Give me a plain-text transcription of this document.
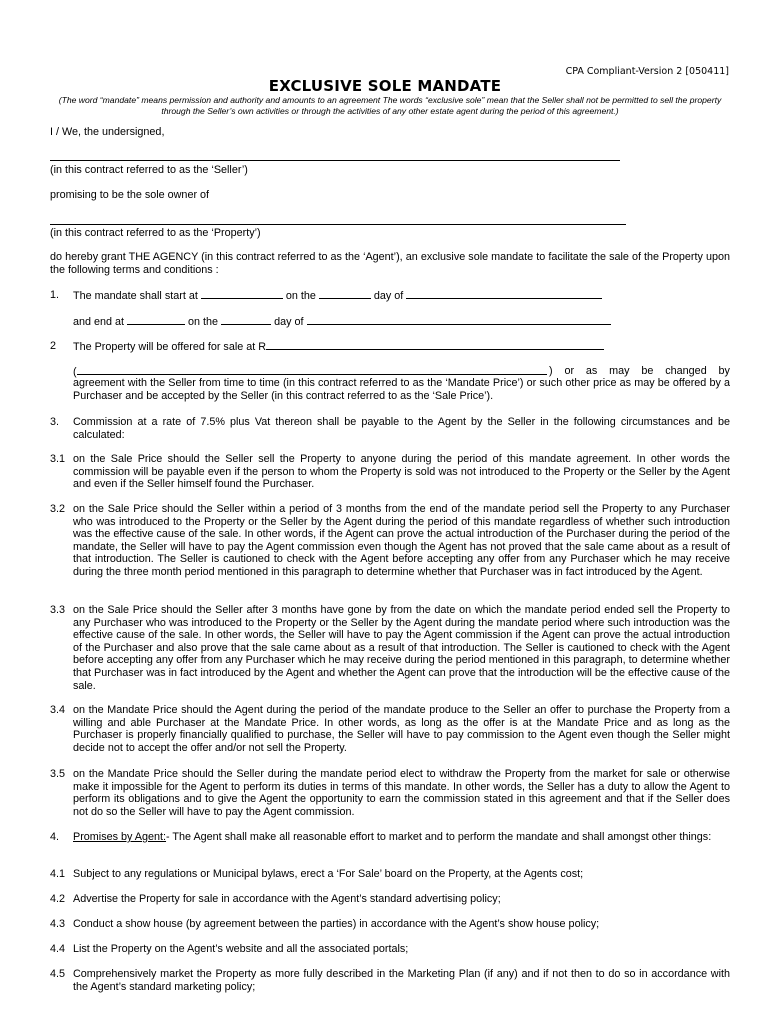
CPA Compliant-Version 2 [050411]
EXCLUSIVE SOLE MANDATE
(The word “mandate” means permission and authority and amounts to an agreement The words “exclusive sole” mean that the Seller shall not be permitted to sell the property through the Seller’s own activities or through the activities of any other estate agent during the period of this agreement.)
I / We, the undersigned,
(in this contract referred to as the ‘Seller’)
promising to be the sole owner of
(in this contract referred to as the ‘Property’)
do hereby grant THE AGENCY (in this contract referred to as the ‘Agent’), an exclusive sole mandate to facilitate the sale of the Property upon the following terms and conditions :
1. The mandate shall start at	on the	day of
and end at	on the	day of
2 The Property will be offered for sale at R
(	) or as may be changed by
agreement with the Seller from time to time (in this contract referred to as the ‘Mandate Price’) or such other price as may be offered by a Purchaser and be accepted by the Seller (in this contract referred to as the ‘Sale Price’).
3. Commission at a rate of 7.5% plus Vat thereon shall be payable to the Agent by the Seller in the following circumstances and be calculated:
3.1 on the Sale Price should the Seller sell the Property to anyone during the period of this mandate agreement. In other words the commission will be payable even if the person to whom the Property is sold was not introduced to the Property or the Seller by the Agent and even if the Seller himself found the Purchaser.
3.2 on the Sale Price should the Seller within a period of 3 months from the end of the mandate period sell the Property to any Purchaser who was introduced to the Property or the Seller by the Agent during the period of this mandate regardless of whether such introduction was the effective cause of the sale. In other words, if the Agent can prove the actual introduction of the Purchaser during the period of the mandate, the Seller will have to pay the Agent commission even though the Agent has not proved that the sale came about as a result of that introduction. The Seller is cautioned to check with the Agent before accepting any offer from any Purchaser which he may receive during the three month period mentioned in this paragraph to determine whether that Purchaser was in fact introduced by the Agent.
3.3 on the Sale Price should the Seller after 3 months have gone by from the date on which the mandate period ended sell the Property to any Purchaser who was introduced to the Property or the Seller by the Agent during the mandate period where such introduction was the effective cause of the sale. In other words, the Seller will have to pay the Agent commission if the Agent can prove the actual introduction of the Purchaser and also prove that the sale came about as a result of that introduction. The Seller is cautioned to check with the Agent before accepting any offer from any Purchaser which he may receive during the period mentioned in this paragraph, to determine whether that Purchaser was in fact introduced by the Agent and whether the Agent can prove that the introduction will be the effective cause of the sale.
3.4 on the Mandate Price should the Agent during the period of the mandate produce to the Seller an offer to purchase the Property from a willing and able Purchaser at the Mandate Price. In other words, as long as the offer is at the Mandate Price and as long as the Purchaser is properly financially qualified to purchase, the Seller will have to pay commission to the Agent even though the Seller might decide not to accept the offer and/or not sell the Property.
3.5 on the Mandate Price should the Seller during the mandate period elect to withdraw the Property from the market for sale or otherwise make it impossible for the Agent to perform its duties in terms of this mandate. In other words, the Seller has a duty to allow the Agent to perform its obligations and to give the Agent the opportunity to earn the commission stated in this agreement and that if the Seller does not do so the Seller will have to pay the Agent commission.
4. Promises by Agent:- The Agent shall make all reasonable effort to market and to perform the mandate and shall amongst other things:
4.1 Subject to any regulations or Municipal bylaws, erect a ‘For Sale’ board on the Property, at the Agents cost;
4.2 Advertise the Property for sale in accordance with the Agent’s standard advertising policy;
4.3 Conduct a show house (by agreement between the parties) in accordance with the Agent’s show house policy;
4.4 List the Property on the Agent’s website and all the associated portals;
4.5 Comprehensively market the Property as more fully described in the Marketing Plan (if any) and if not then to do so in accordance with the Agent’s standard marketing policy;
